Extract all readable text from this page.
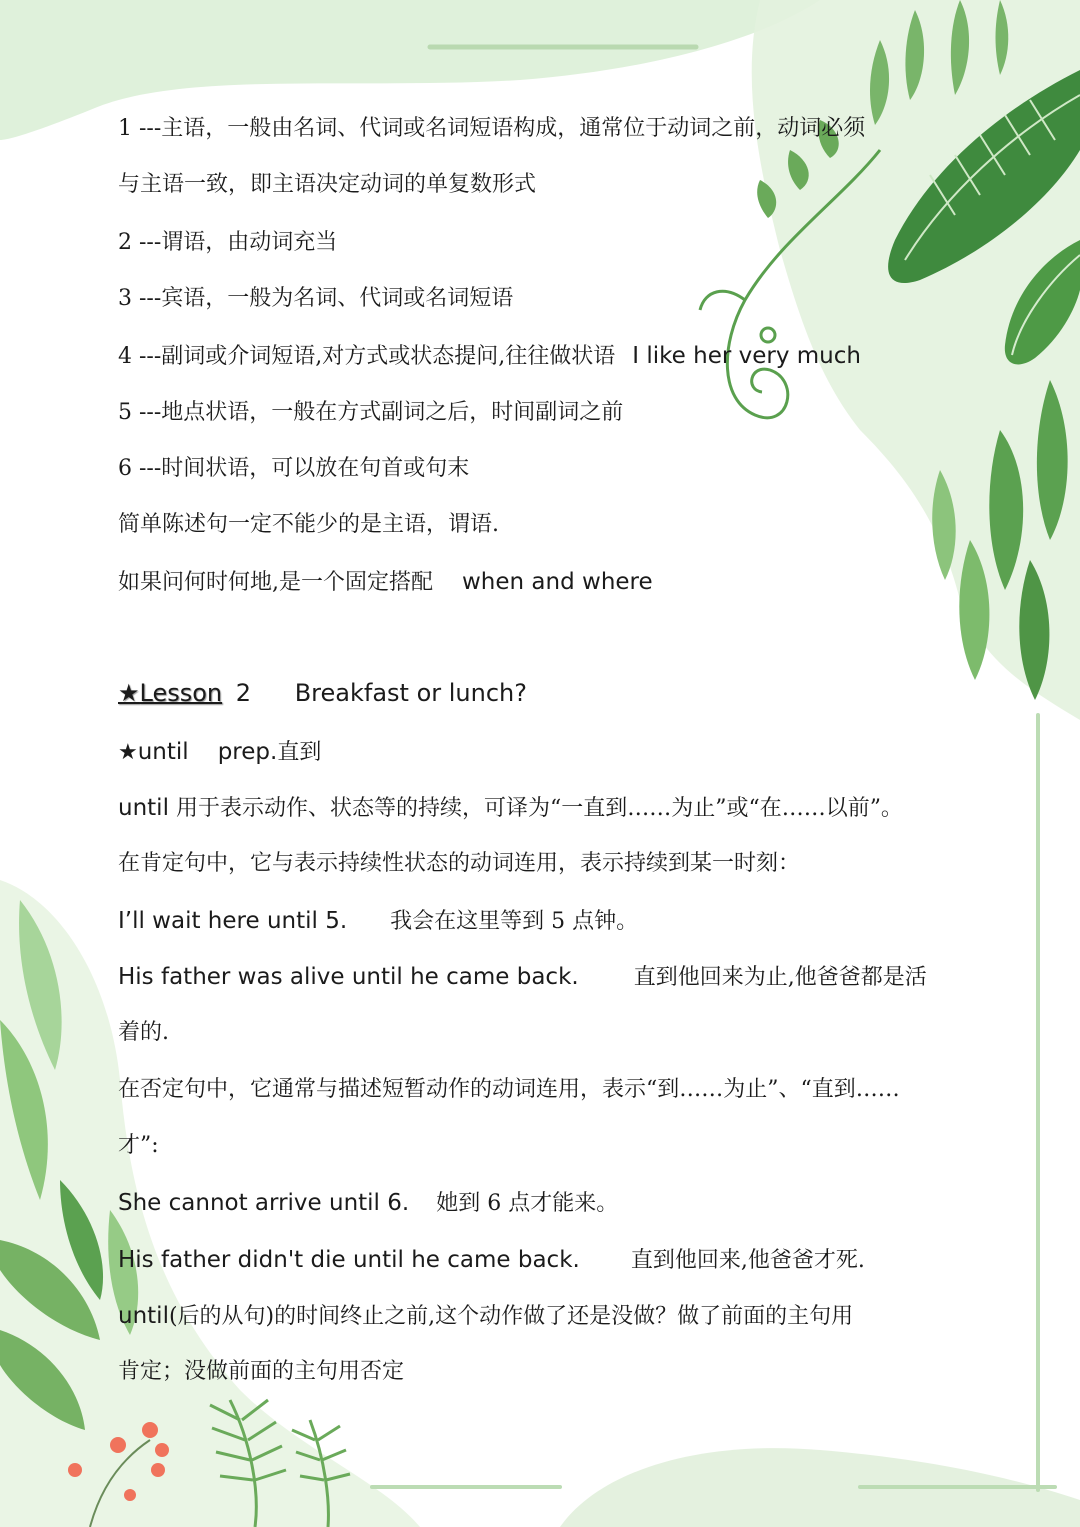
1 ---主语，一般由名词、代词或名词短语构成，通常位于动词之前，动词必须
与主语一致，即主语决定动词的单复数形式
2 ---谓语，由动词充当
3 ---宾语，一般为名词、代词或名词短语
4 ---副词或介词短语,对方式或状态提问,往往做状语 I like her very much
5 ---地点状语，一般在方式副词之后，时间副词之前
6 ---时间状语，可以放在句首或句末
简单陈述句一定不能少的是主语，谓语.
如果问何时何地,是一个固定搭配 when and where
★Lesson 2 Breakfast or lunch?
★until prep.直到
until 用于表示动作、状态等的持续，可译为“一直到……为止”或“在……以前”。
在肯定句中，它与表示持续性状态的动词连用，表示持续到某一时刻：
I’ll wait here until 5. 我会在这里等到 5 点钟。
His father was alive until he came back.	直到他回来为止,他爸爸都是活
着的.
在否定句中，它通常与描述短暂动作的动词连用，表示“到……为止”、“直到……
才”:
She cannot arrive until 6. 她到 6 点才能来。
His father didn't die until he came back. 直到他回来,他爸爸才死.
until(后的从句)的时间终止之前,这个动作做了还是没做？做了前面的主句用
肯定；没做前面的主句用否定
